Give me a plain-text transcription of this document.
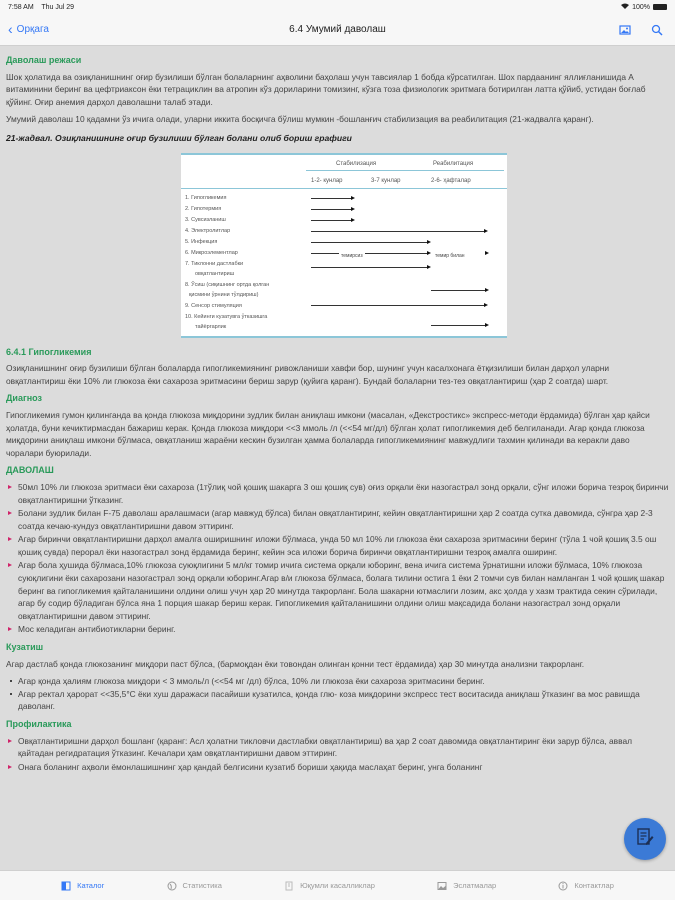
7:58 AM Thu Jul 29	100%
‹ Орқага	6.4 Умумий даволаш
Даволаш режаси

Шок ҳолатида ва озиқланишнинг оғир бузилиши бўлган болаларнинг аҳволини баҳолаш учун тавсиялар 1 бобда кўрсатилган. Шох пардаанинг яллиғланишида А витаминини беринг ва цефтриаксон ёки тетрациклин ва атропин кўз дориларини томизинг, кўзга тоза физиологик эритмага ботирилган латта қўйиб, устидан боғлаб қўйинг. Оғир анемия дарҳол даволашни талаб этади.

Умумий даволаш 10 қадамни ўз ичига олади, уларни иккита босқичга бўлиш мумкин -бошланғич стабилизация ва реабилитация (21-жадвалга қаранг).

21-жадвал. Озиқланишнинг оғир бузилиши бўлган болани олиб бориш графиги
Стабилизация	Реабилитация
1-2- кунлар	3-7 кунлар	2-6- ҳафталар
1. Гипогликемия
2. Гипотермия
3. Сувсизланиш
4. Электролитлар
5. Инфекция
6. Микроэлементлар
7. Тиклонни дастлабки
овқатлантириш
8. Ўсиш (сиқишнинг ортда қолган
қисмини ўрнини тўлдириш)
9. Сенсор стимуляция
10. Кейинги кузатувга ўтказишга
тайёргарлик
темирсиз	темир билан
6.4.1 Гипогликемия

Озиқланишнинг оғир бузилиши бўлган болаларда гипогликемиянинг ривожланиши хавфи бор, шунинг учун касалхонага ётқизилиши билан дарҳол уларни овқатлантириш ёки 10% ли глюкоза ёки сахароза эритмасини бериш зарур (қуйига қаранг). Бундай болаларни тез-тез овқатлантириш (ҳар 2 соатда) шарт.

Диагноз

Гипогликемия гумон қилинганда ва қонда глюкоза миқдорини зудлик билан аниқлаш имкони (масалан, «Декстростикс» экспресс-методи ёрдамида) бўлган ҳар қайси ҳолатда, буни кечиктирмасдан бажариш керак. Қонда глюкоза миқдори <<3 ммоль /л (<<54 мг/дл) бўлган ҳолат гипогликемия деб белгиланади. Агар қонда глюкоза миқдорини аниқлаш имкони бўлмаса, овқатланиш жараёни кескин бузилган ҳамма болаларда гипогликемиянинг мавжудлиги тахмин қилинади ва керакли даво чоралари буюрилади.

ДАВОЛАШ
50мл 10% ли глюкоза эритмаси ёки сахароза (1тўлиқ чой қошиқ шакарга 3 ош қошиқ сув) оғиз орқали ёки назогастрал зонд орқали, сўнг иложи борича тезроқ биринчи овқатлантиришни ўтказинг.
Болани зудлик билан F-75 даволаш аралашмаси (агар мавжуд бўлса) билан овқатлантиринг, кейин овқатлантиришни ҳар 2 соатда сутка давомида, сўнгра ҳар 2-3 соатда кечаю-кундуз овқатлантиришни давом эттиринг.
Агар биринчи овқатлантиришни дарҳол амалга оширишнинг иложи бўлмаса, унда 50 мл 10% ли глюкоза ёки сахароза эритмасини беринг (тўла 1 чой қошиқ 3.5 ош қошиқ сувда) перорал ёки назогастрал зонд ёрдамида беринг, кейин эса иложи борича биринчи овқатлантиришни тезроқ амалга оширинг.
Агар бола ҳушида бўлмаса,10% глюкоза суюқлигини 5 мл/кг томир ичига система орқали юборинг, вена ичига система ўрнатишни иложи бўлмаса, 10% глюкоза суюқлигини ёки сахарозани назогастрал зонд орқали юборинг.Агар в/и глюкоза бўлмаса, болага тилини остига 1 ёки 2 томчи сув билан намланган 1 чой қошиқ шакар беринг ва гипогликемия қайталанишини олдини олиш учун ҳар 20 минутда такрорланг. Бола шакарни ютмаслиги лозим, акс ҳолда у хазм трактида секин сўрилади, агар бу содир бўладиган бўлса яна 1 порция шакар бериш керак. Гипогликемия қайталанишини олдини олиш мақсадида болани назогастрал зонд орқали овқатлантиришни давом эттиринг.
Мос келадиган антибиотикларни беринг.
Кузатиш

Агар дастлаб қонда глюкозанинг миқдори паст бўлса, (бармоқдан ёки товондан олинган қонни тест ёрдамида) ҳар 30 минутда анализни такрорланг.

Агар қонда ҳалиям глюкоза миқдори < 3 ммоль/л (<<54 мг /дл) бўлса, 10% ли глюкоза ёки сахароза эритмасини беринг.
Агар ректал ҳарорат <<35,5°С ёки хуш даражаси пасайиши кузатилса, қонда глю- коза миқдорини экспресс тест воситасида аниқлаш ўтказинг ва мос равишда даволанг.
Профилактика
Овқатлантиришни дарҳол бошланг (қаранг: Асл ҳолатни тикловчи дастлабки овқатлантириш) ва ҳар 2 соат давомида овқатлантиринг ёки зарур бўлса, аввал қайтадан регидратация ўтказинг. Кечалари ҳам овқатлантиришни давом эттиринг.
Онага боланинг аҳволи ёмонлашишнинг ҳар қандай белгисини кузатиб бориши ҳақида маслаҳат беринг, унга боланинг
Каталог	Статистика	Юқумли касалликлар	Эслатмалар	Контактлар
